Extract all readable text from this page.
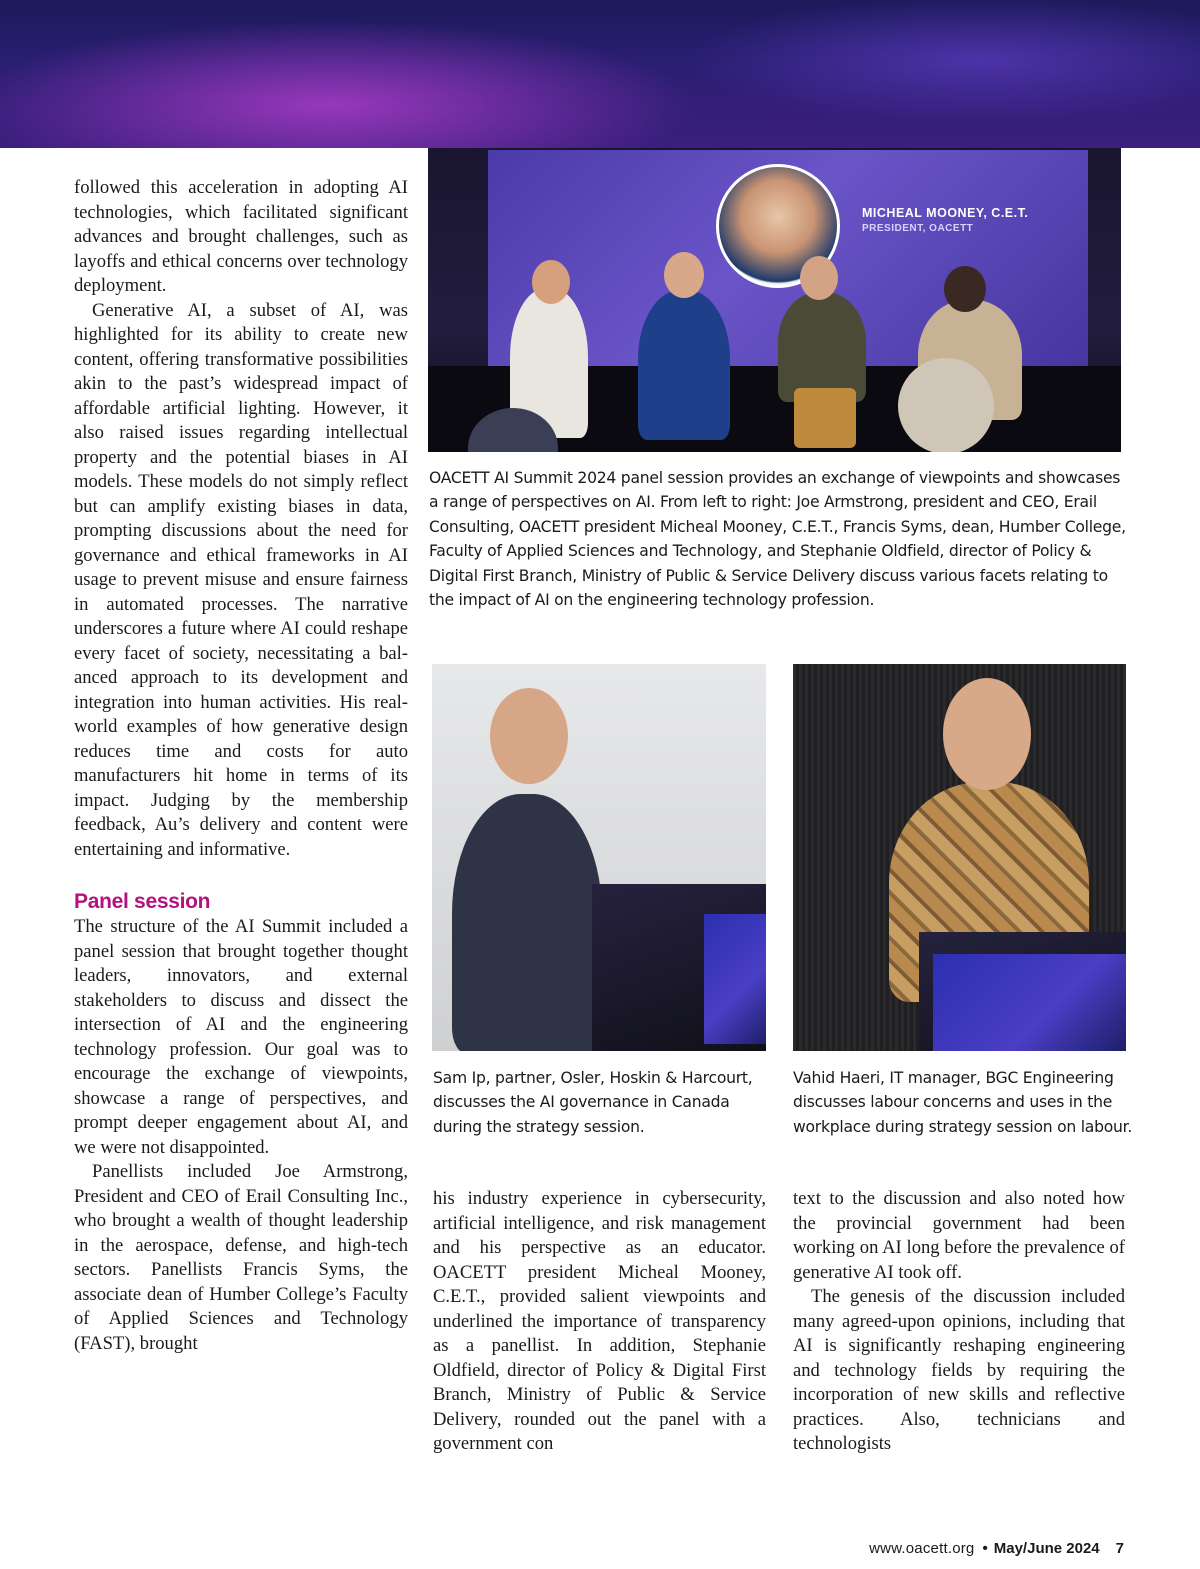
followed this acceleration in adopting AI technologies, which facilitated significant advances and brought challenges, such as layoffs and ethical concerns over technology deployment.

Generative AI, a subset of AI, was highlighted for its ability to create new content, offering transformative possibilities akin to the past’s widespread impact of affordable artificial lighting. However, it also raised issues regarding intellectual property and the potential biases in AI models. These models do not simply reflect but can amplify existing biases in data, prompting discussions about the need for governance and ethical frameworks in AI usage to prevent misuse and ensure fairness in automated processes. The narrative underscores a future where AI could reshape every facet of society, necessitating a balanced approach to its development and integration into human activities. His real-world examples of how generative design reduces time and costs for auto manufacturers hit home in terms of its impact. Judging by the membership feedback, Au’s delivery and content were entertaining and informative.

Panel session

The structure of the AI Summit included a panel session that brought together thought leaders, innovators, and external stakeholders to discuss and dissect the intersection of AI and the engineering technology profession. Our goal was to encourage the exchange of viewpoints, showcase a range of perspectives, and prompt deeper engagement about AI, and we were not disappointed.

Panellists included Joe Armstrong, President and CEO of Erail Consulting Inc., who brought a wealth of thought leadership in the aerospace, defense, and high-tech sectors. Panellists Francis Syms, the associate dean of Humber College’s Faculty of Applied Sciences and Technology (FAST), brought

MICHEAL MOONEY, C.E.T.
PRESIDENT, OACETT

OACETT AI Summit 2024 panel session provides an exchange of viewpoints and showcases a range of perspectives on AI. From left to right: Joe Armstrong, president and CEO, Erail Consulting, OACETT president Micheal Mooney, C.E.T., Francis Syms, dean, Humber College, Faculty of Applied Sciences and Technology, and Stephanie Oldfield, director of Policy & Digital First Branch, Ministry of Public & Service Delivery discuss various facets relating to the impact of AI on the engineering technology profession.

Sam Ip, partner, Osler, Hoskin & Harcourt, discusses the AI governance in Canada during the strategy session.

Vahid Haeri, IT manager, BGC Engineering discusses labour concerns and uses in the workplace during strategy session on labour.

his industry experience in cybersecurity, artificial intelligence, and risk management and his perspective as an educator. OACETT president Micheal Mooney, C.E.T., provided salient viewpoints and underlined the importance of transparency as a panellist. In addition, Stephanie Oldfield, director of Policy & Digital First Branch, Ministry of Public & Service Delivery, rounded out the panel with a government con

text to the discussion and also noted how the provincial government had been working on AI long before the prevalence of generative AI took off.

The genesis of the discussion included many agreed-upon opinions, including that AI is significantly reshaping engineering and technology fields by requiring the incorporation of new skills and reflective practices. Also, technicians and technologists

www.oacett.org • May/June 2024 7
